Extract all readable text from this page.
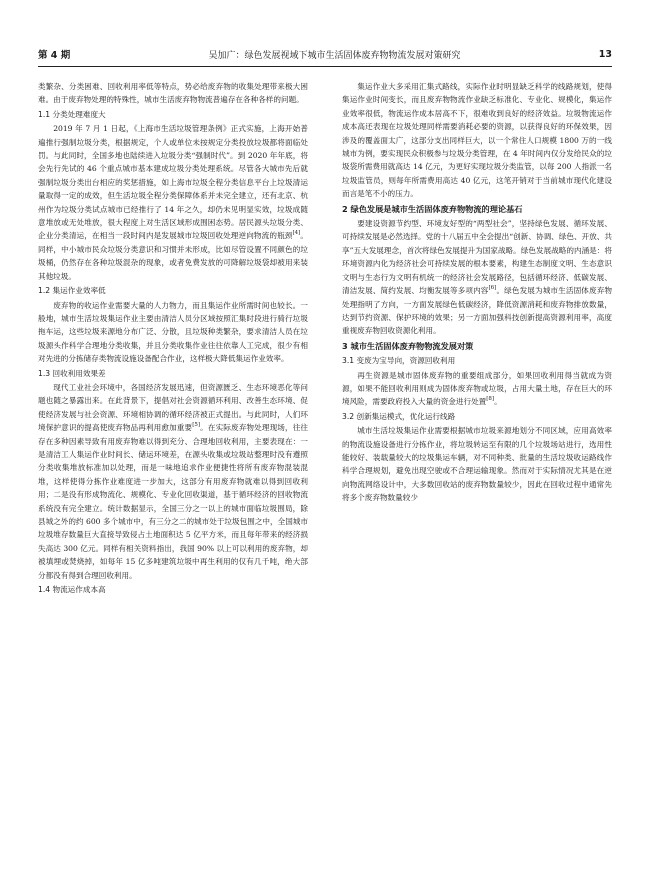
第 4 期	吴加广：绿色发展视域下城市生活固体废弃物物流发展对策研究	13

类繁杂、分类困难、回收利用率低等特点，势必给废弃物的收集处理带来极大困难。由于废弃物处理的特殊性，城市生活废弃物物流普遍存在各种各样的问题。

1.1 分类处理难度大

2019 年 7 月 1 日起，《上海市生活垃圾管理条例》正式实施，上海开始普遍推行强制垃圾分类，根据规定，个人或单位未按规定分类投放垃圾都将面临处罚。与此同时，全国多地也陆续进入垃圾分类“强制时代”。到 2020 年年底，将会先行先试的 46 个重点城市基本建成垃圾分类处理系统。尽管各大城市先后就强制垃圾分类出台相应的奖惩措施，如上海市垃圾全程分类信息平台上垃圾清运量取得一定的成效，但生活垃圾全程分类保障体系并未完全建立，还有北京、杭州作为垃圾分类试点城市已经推行了 14 年之久，却仍未见明显实效，垃圾成随意堆放或无处堆放，很大程度上对生活区域形成围困态势。居民源头垃圾分类、企业分类清运，在相当一段时间内是发展城市垃圾回收处理逆向物流的瓶颈[4]。同样，中小城市民众垃圾分类意识和习惯并未形成，比如尽管设置不同颜色的垃圾桶，仍然存在各种垃圾混杂的现象，或者免费发放的可降解垃圾袋却被用来装其他垃圾。

1.2 集运作业效率低

废弃物的收运作业需要大量的人力物力，而且集运作业所需时间也较长。一般地，城市生活垃圾集运作业主要由清洁人员分区域按照汇集时段进行骑行垃圾拖车运，这些垃圾来源地分布广泛、分散，且垃圾种类繁杂，要求清洁人员在垃圾源头作科学合理地分类收集，并且分类收集作业往往依靠人工完成，很少有相对先进的分拣储存类物流设施设备配合作业，这样极大降低集运作业效率。

1.3 回收利用效果差

现代工业社会环境中，各国经济发展迅速，但资源匮乏、生态环境恶化等问题也随之暴露出来。在此背景下，提倡对社会资源循环利用、改善生态环境、促使经济发展与社会资源、环境相协调的循环经济被正式提出。与此同时，人们环境保护意识的提高使废弃物品再利用愈加重要[5]。在实际废弃物处理现场，往往存在多种因素导致有用废弃物难以得到充分、合理地回收利用，主要表现在：一是清洁工人集运作业时间长、储运环境差，在源头收集或垃圾站整理时没有遵照分类收集堆放标准加以处理，而是一味地追求作业便捷性将所有废弃物混装混堆，这样使得分拣作业难度进一步加大，这部分有用废弃物就难以得到回收利用；二是没有形成物流化、规模化、专业化回收渠道，基于循环经济的回收物流系统没有完全建立。统计数据显示，全国三分之一以上的城市面临垃圾围局，除县城之外的约 600 多个城市中，有三分之二的城市处于垃圾包围之中，全国城市垃圾堆存数量巨大直接导致侵占土地面积达 5 亿平方米，而且每年带来的经济损失高达 300 亿元。同样有相关资料指出，我国 90% 以上可以利用的废弃物，却被填埋或焚烧掉，如每年 15 亿多吨建筑垃圾中再生利用的仅有几千吨，绝大部分都没有得到合理回收利用。

1.4 物流运作成本高

集运作业大多采用汇集式路线，实际作业时明显缺乏科学的线路规划，使得集运作业时间变长，而且废弃物物流作业缺乏标准化、专业化、规模化，集运作业效率很低，物流运作成本居高不下，很难收到良好的经济效益。垃圾物流运作成本高还表现在垃圾处理同样需要消耗必要的资源，以获得良好的环保效果，因涉及的覆盖面太广，这部分支出同样巨大，以一个常住人口规模 1800 万的一线城市为例，要实现民众积极参与垃圾分类管理，在 4 年时间内仅分发给民众的垃圾袋所需费用就高达 14 亿元，为更好实现垃圾分类监管，以每 200 人指派一名垃圾监管员，则每年所需费用高达 40 亿元，这笔开销对于当前城市现代化建设而言是笔不小的压力。

2 绿色发展是城市生活固体废弃物物流的理论基石

要建设资源节约型、环境友好型的“两型社会”，坚持绿色发展、循环发展、可持续发展是必然选择。党的十八届五中全会提出“创新、协调、绿色、开放、共享”五大发展理念，首次将绿色发展提升为国家战略。绿色发展战略的内涵是：将环境资源内化为经济社会可持续发展的根本要素，构建生态制度文明、生态意识文明与生态行为文明有机统一的经济社会发展路径，包括循环经济、低碳发展、清洁发展、简约发展、均衡发展等多项内容[6]。绿色发展为城市生活固体废弃物处理指明了方向，一方面发展绿色低碳经济，降低资源消耗和废弃物排放数量，达到节约资源、保护环境的效果；另一方面加强科技创新提高资源利用率，高度重视废弃物回收资源化利用。

3 城市生活固体废弃物物流发展对策
3.1 变废为宝导向，资源回收利用

再生资源是城市固体废弃物的重要组成部分，如果回收利用得当就成为资源，如果不能回收利用则成为固体废弃物或垃圾，占用大量土地，存在巨大的环境风险，需要政府投入大量的资金进行处置[8]。

3.2 创新集运模式，优化运行线路

城市生活垃圾集运作业需要根据城市垃圾来源地划分不同区域，应用高效率的物流设施设备进行分拣作业，将垃圾转运至有限的几个垃圾场站进行，选用性能较好、装载量较大的垃圾集运车辆，对不同种类、批量的生活垃圾收运路线作科学合理规划，避免出现空驶或不合理运输现象。然而对于实际情况尤其是在逆向物流网络设计中，大多数回收站的废弃物数量较少，因此在回收过程中通常先将多个废弃物数量较少
